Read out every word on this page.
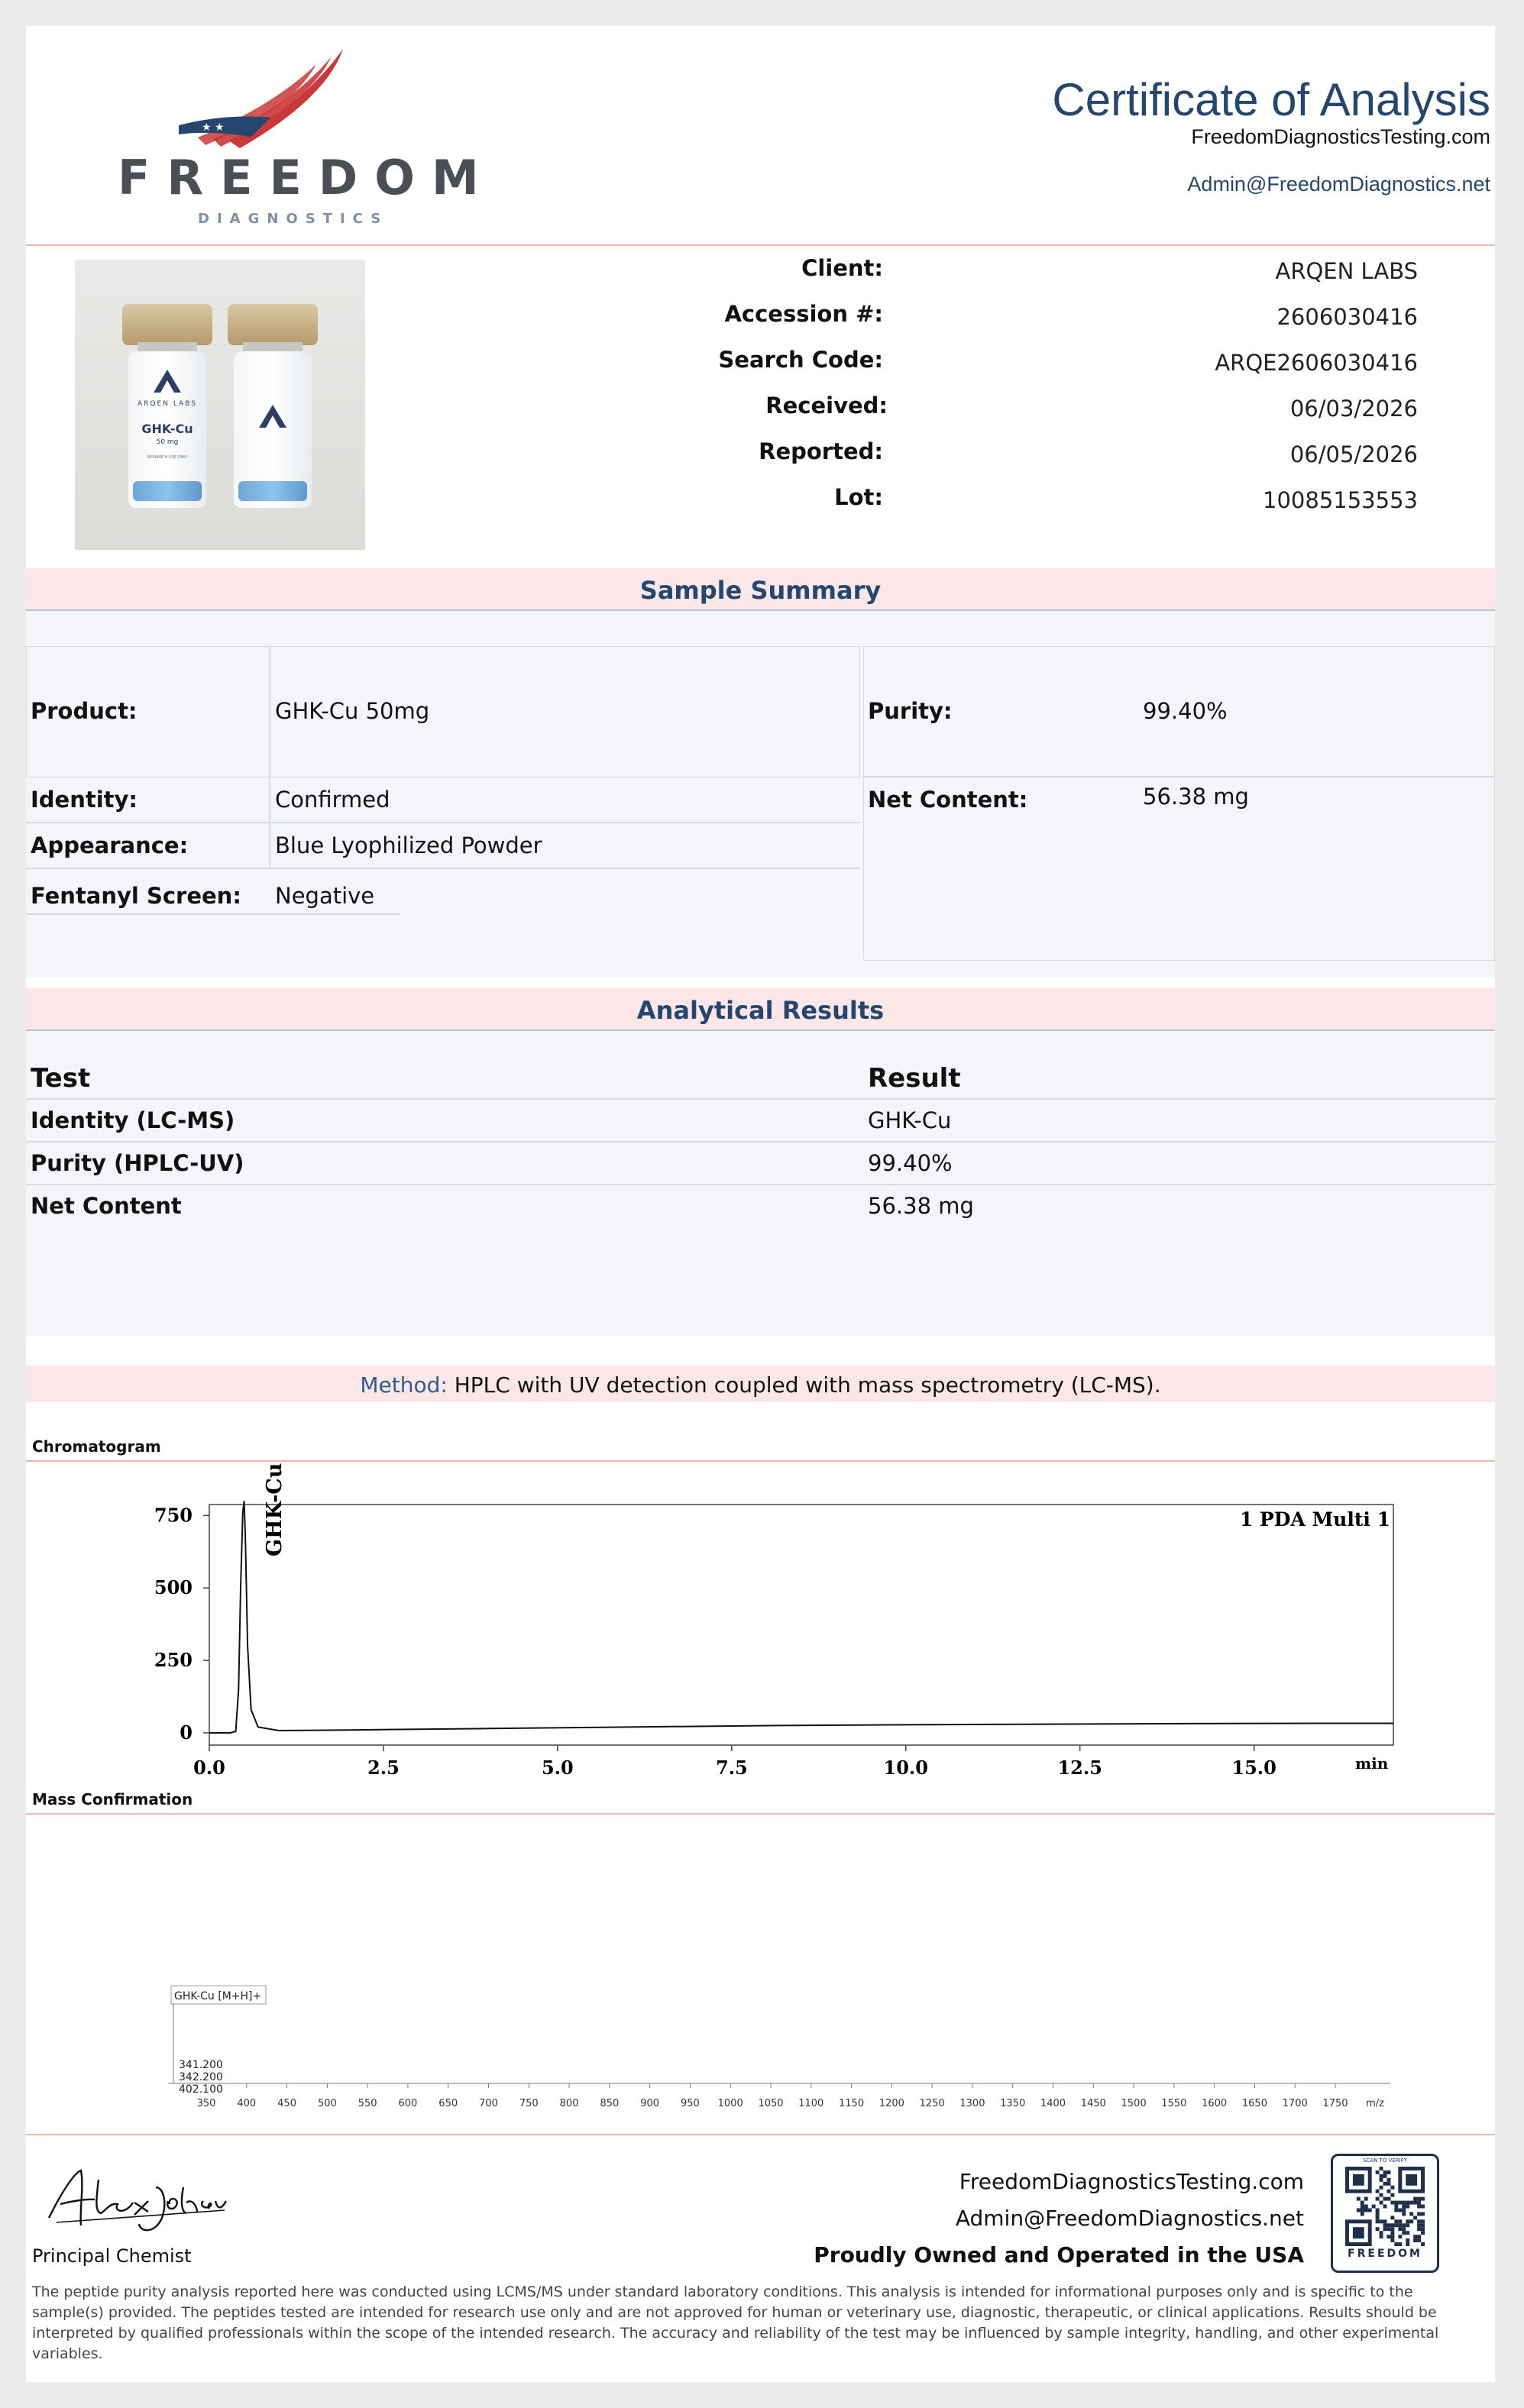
★ ★
FREEDOM
DIAGNOSTICS
Certificate of Analysis
FreedomDiagnosticsTesting.com
Admin@FreedomDiagnostics.net
ARQEN LABS
GHK-Cu
50 mg
RESEARCH USE ONLY
Client:	ARQEN LABS
Accession #:	2606030416
Search Code:	ARQE2606030416
Received:	06/03/2026
Reported:	06/05/2026
Lot:	10085153553
Sample Summary
Product:	GHK-Cu 50mg	Purity:	99.40%
Identity:	Confirmed	Net Content:	56.38 mg
Appearance:	Blue Lyophilized Powder
Fentanyl Screen: Negative
Analytical Results
Test	Result
Identity (LC-MS)	GHK-Cu
Purity (HPLC-UV)	99.40%
Net Content	56.38 mg
Method: HPLC with UV detection coupled with mass spectrometry (LC-MS).
Chromatogram
1 PDA Multi 1
GHK-Cu
min
0.0	2.5	5.0	7.5	10.0	12.5	15.0
0
250
500
750
Mass Confirmation
GHK-Cu [M+H]+
341.200
342.200
402.100
350 400 450 500 550 600 650 700 750 800 850 900 950 1000 1050 1100 1150 1200 1250 1300 1350 1400 1450 1500 1550 1600 1650 1700 1750 m/z
Principal Chemist
FreedomDiagnosticsTesting.com
Admin@FreedomDiagnostics.net
Proudly Owned and Operated in the USA
SCAN TO VERIFY
FREEDOM
The peptide purity analysis reported here was conducted using LCMS/MS under standard laboratory conditions. This analysis is intended for informational purposes only and is specific to the sample(s) provided. The peptides tested are intended for research use only and are not approved for human or veterinary use, diagnostic, therapeutic, or clinical applications. Results should be interpreted by qualified professionals within the scope of the intended research. The accuracy and reliability of the test may be influenced by sample integrity, handling, and other experimental variables.
